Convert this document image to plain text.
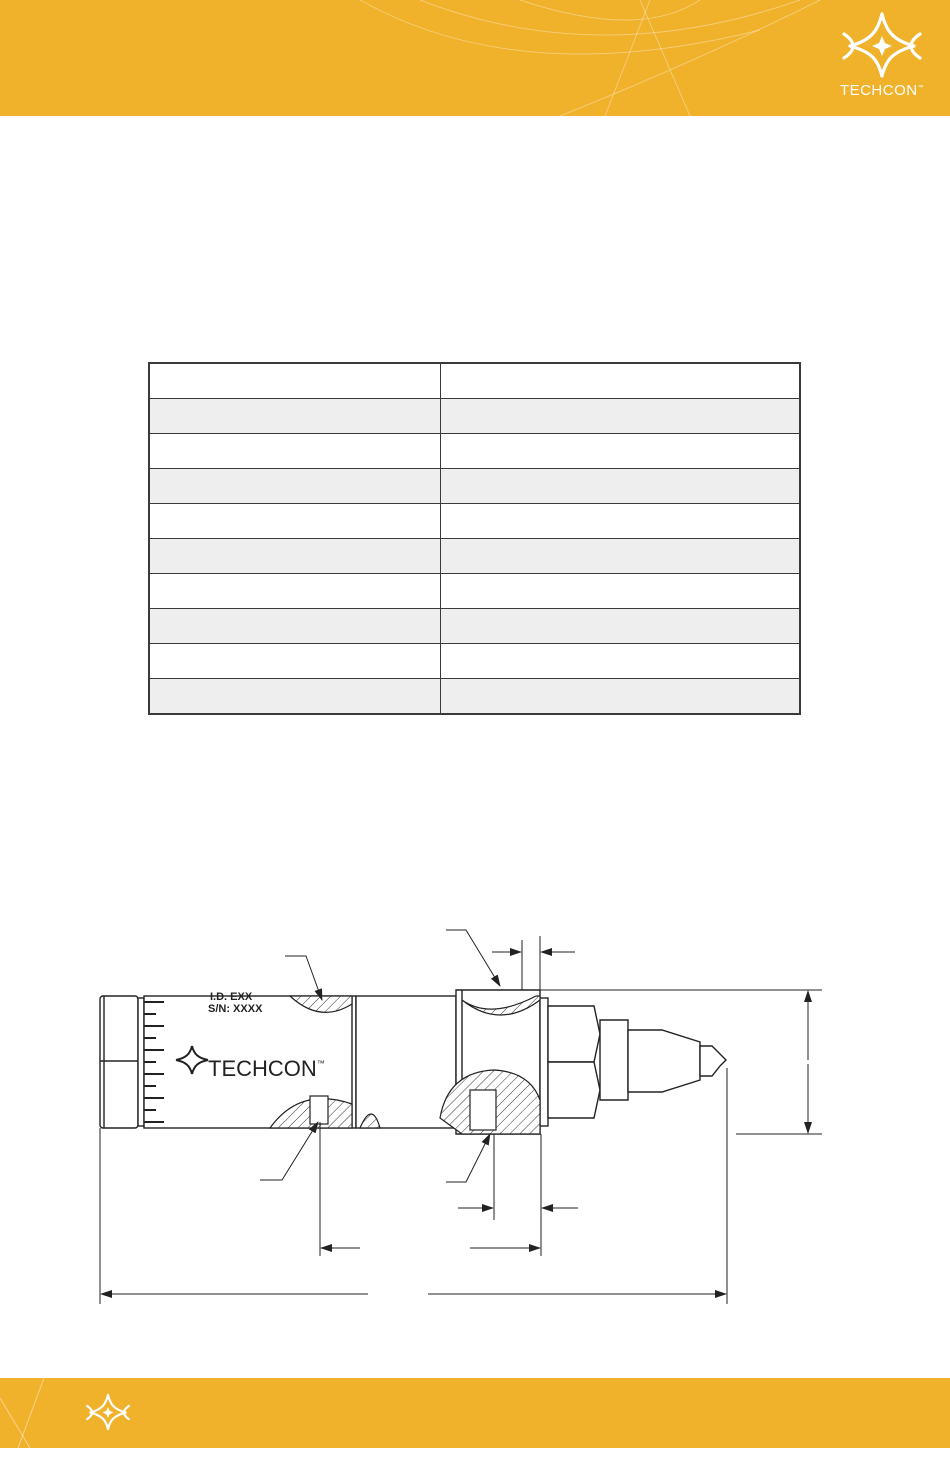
TECHCON™

I.D. EXX
S/N: XXXX
TECHCON™
